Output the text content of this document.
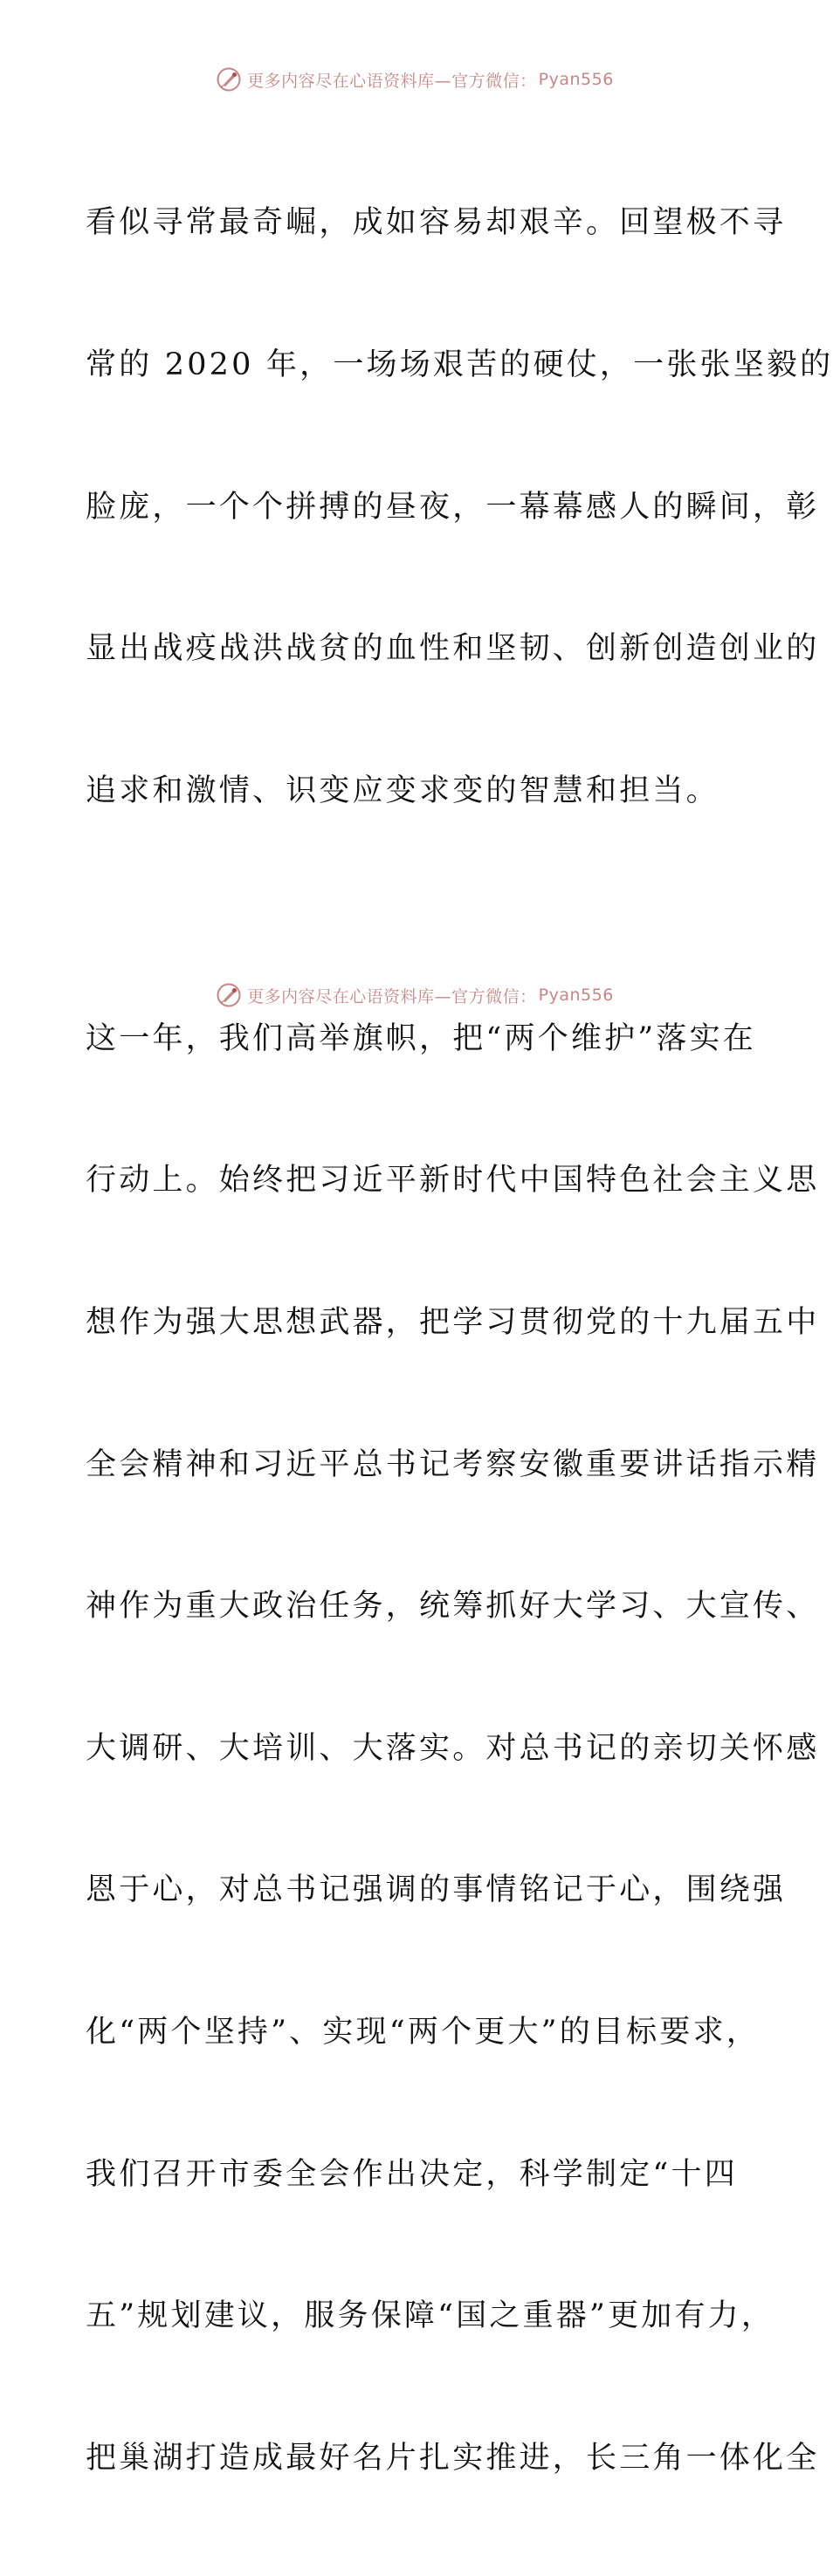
更多内容尽在心语资料库—官方微信： Pyan556

看似寻常最奇崛，成如容易却艰辛。回望极不寻

常的 2020 年，一场场艰苦的硬仗，一张张坚毅的

脸庞，一个个拼搏的昼夜，一幕幕感人的瞬间，彰

显出战疫战洪战贫的血性和坚韧、创新创造创业的

追求和激情、识变应变求变的智慧和担当。

这一年，我们高举旗帜，把“两个维护”落实在

行动上。始终把习近平新时代中国特色社会主义思

想作为强大思想武器，把学习贯彻党的十九届五中

全会精神和习近平总书记考察安徽重要讲话指示精

神作为重大政治任务，统筹抓好大学习、大宣传、

大调研、大培训、大落实。对总书记的亲切关怀感

恩于心，对总书记强调的事情铭记于心，围绕强

化“两个坚持”、实现“两个更大”的目标要求，

我们召开市委全会作出决定，科学制定“十四

五”规划建议，服务保障“国之重器”更加有力，

把巢湖打造成最好名片扎实推进，长三角一体化全

更多内容尽在心语资料库—官方微信： Pyan556
